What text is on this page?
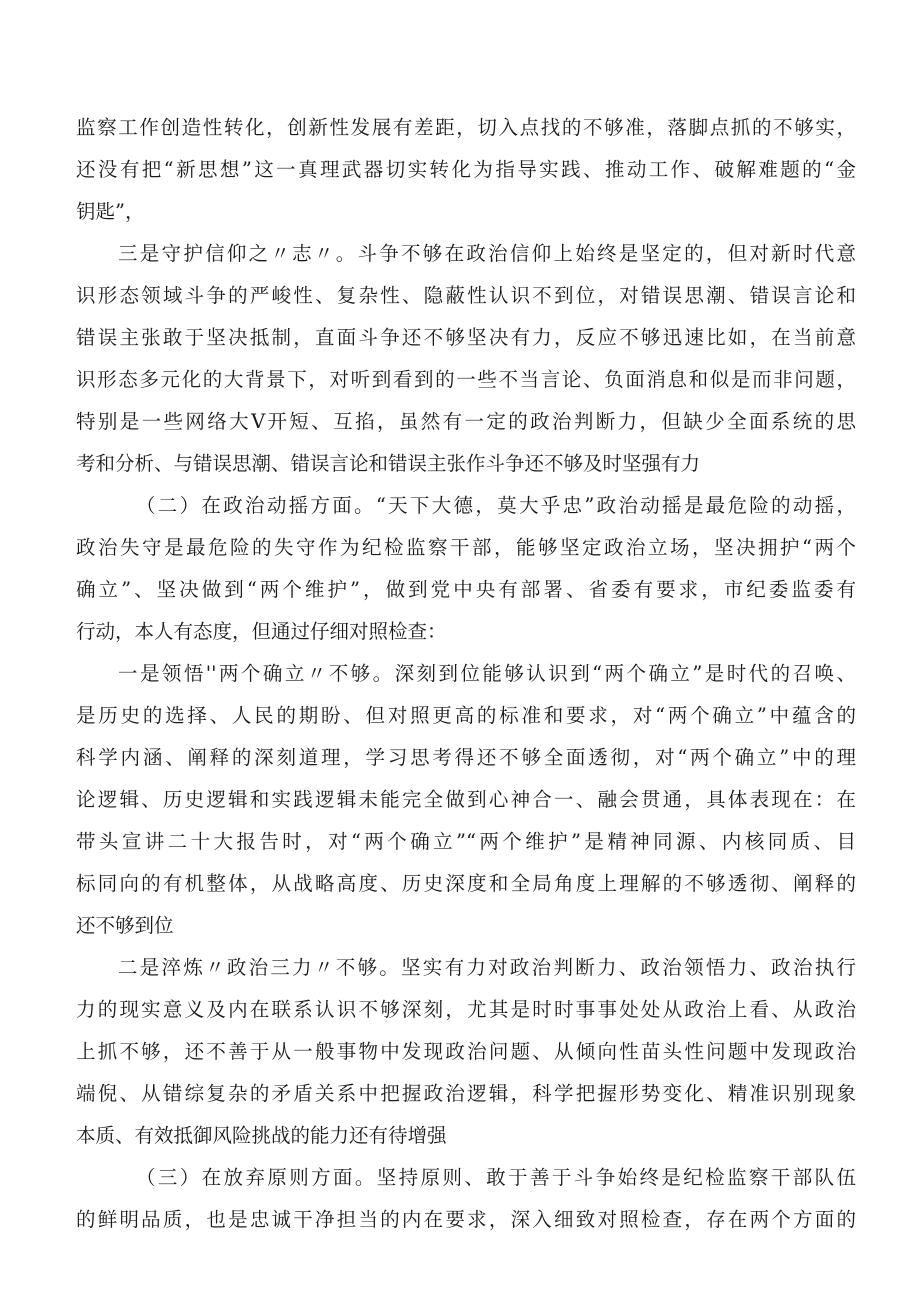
监察工作创造性转化，创新性发展有差距，切入点找的不够准，落脚点抓的不够实，
还没有把“新思想”这一真理武器切实转化为指导实践、推动工作、破解难题的“金
钥匙”，
三是守护信仰之〃志〃。斗争不够在政治信仰上始终是坚定的，但对新时代意
识形态领域斗争的严峻性、复杂性、隐蔽性认识不到位，对错误思潮、错误言论和
错误主张敢于坚决抵制，直面斗争还不够坚决有力，反应不够迅速比如，在当前意
识形态多元化的大背景下，对听到看到的一些不当言论、负面消息和似是而非问题，
特别是一些网络大V开短、互掐，虽然有一定的政治判断力，但缺少全面系统的思
考和分析、与错误思潮、错误言论和错误主张作斗争还不够及时坚强有力
（二）在政治动摇方面。“天下大德，莫大乎忠”政治动摇是最危险的动摇，
政治失守是最危险的失守作为纪检监察干部，能够坚定政治立场，坚决拥护“两个
确立”、坚决做到“两个维护”，做到党中央有部署、省委有要求，市纪委监委有
行动，本人有态度，但通过仔细对照检查：
一是领悟''两个确立〃不够。深刻到位能够认识到“两个确立”是时代的召唤、
是历史的选择、人民的期盼、但对照更高的标准和要求，对“两个确立”中蕴含的
科学内涵、阐释的深刻道理，学习思考得还不够全面透彻，对“两个确立”中的理
论逻辑、历史逻辑和实践逻辑未能完全做到心神合一、融会贯通，具体表现在：在
带头宣讲二十大报告时，对“两个确立”“两个维护”是精神同源、内核同质、目
标同向的有机整体，从战略高度、历史深度和全局角度上理解的不够透彻、阐释的
还不够到位
二是淬炼〃政治三力〃不够。坚实有力对政治判断力、政治领悟力、政治执行
力的现实意义及内在联系认识不够深刻，尤其是时时事事处处从政治上看、从政治
上抓不够，还不善于从一般事物中发现政治问题、从倾向性苗头性问题中发现政治
端倪、从错综复杂的矛盾关系中把握政治逻辑，科学把握形势变化、精准识别现象
本质、有效抵御风险挑战的能力还有待增强
（三）在放弃原则方面。坚持原则、敢于善于斗争始终是纪检监察干部队伍
的鲜明品质，也是忠诚干净担当的内在要求，深入细致对照检查，存在两个方面的
